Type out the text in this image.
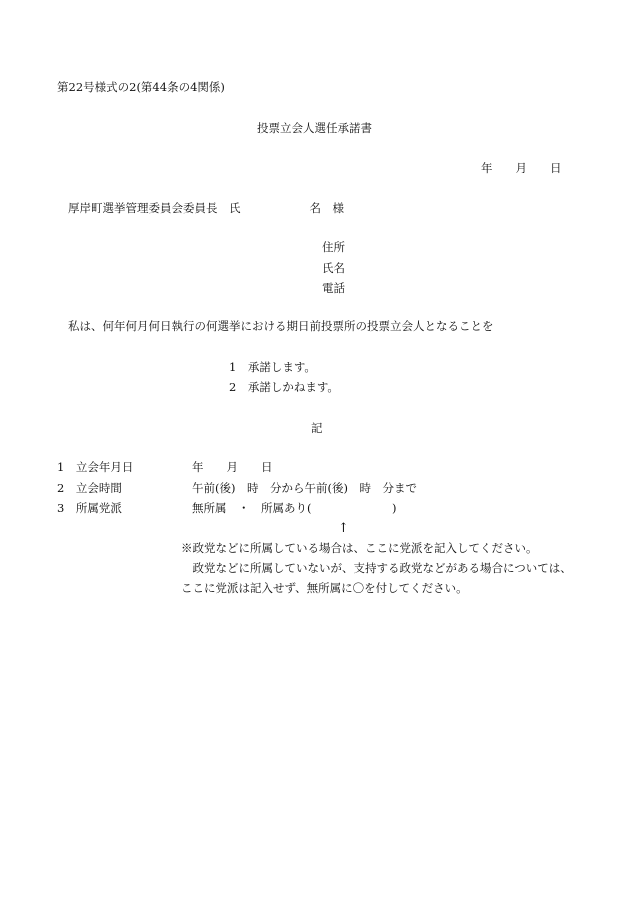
第22号様式の2(第44条の4関係)
投票立会人選任承諾書
年　　月　　日
厚岸町選挙管理委員会委員長　氏　　　　　　名　様
住所
氏名
電話
私は、何年何月何日執行の何選挙における期日前投票所の投票立会人となることを
1　承諾します。
2　承諾しかねます。
記
1　立会年月日	年　　月　　日
2　立会時間	午前(後)　時　分から午前(後)　時　分まで
3　所属党派	無所属　・　所属あり(　　　　　　　)
↑
※政党などに所属している場合は、ここに党派を記入してください。
　政党などに所属していないが、支持する政党などがある場合については、
ここに党派は記入せず、無所属に〇を付してください。
